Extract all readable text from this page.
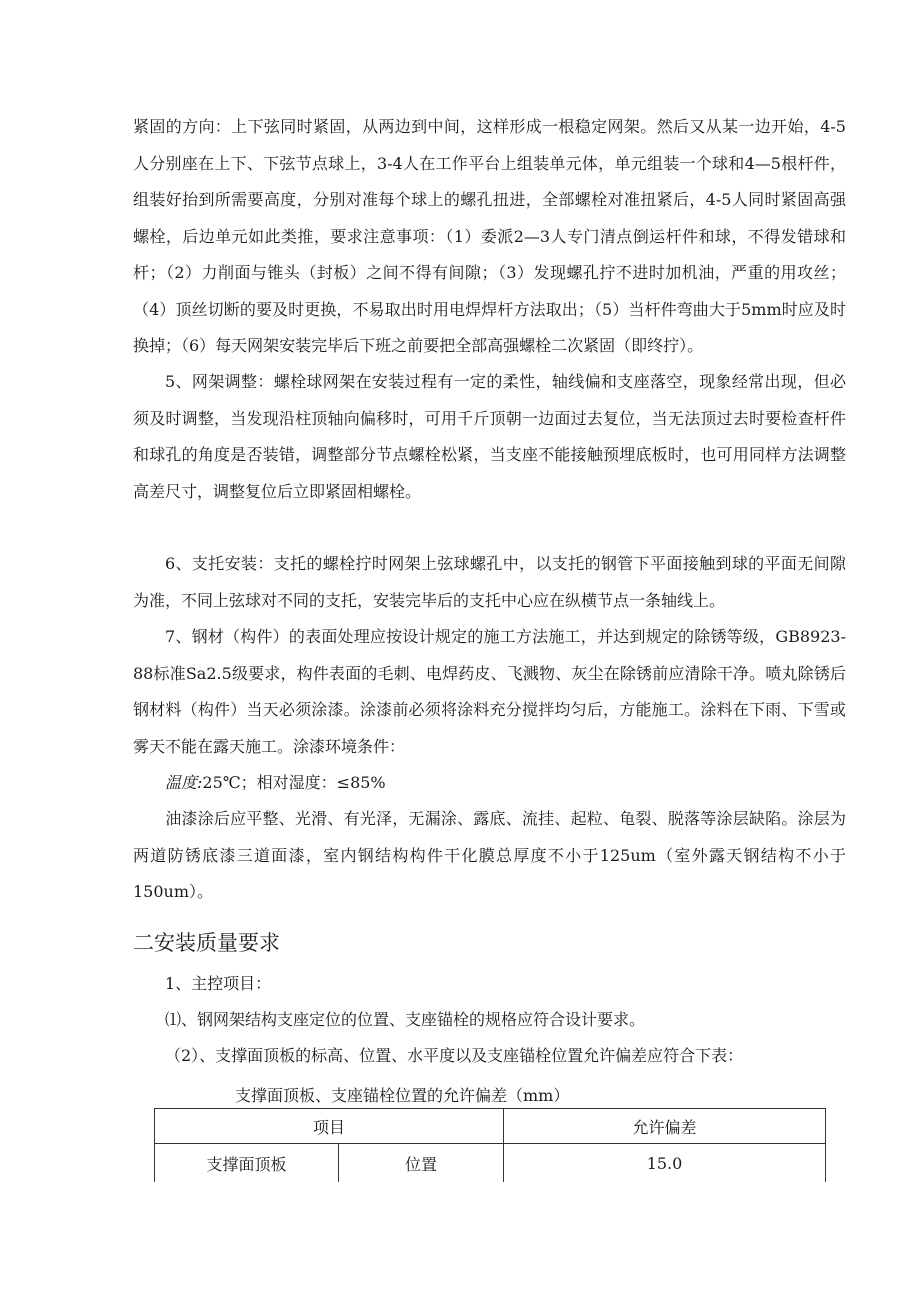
紧固的方向：上下弦同时紧固，从两边到中间，这样形成一根稳定网架。然后又从某一边开始，4-5人分别座在上下、下弦节点球上，3-4人在工作平台上组装单元体，单元组装一个球和4—5根杆件，组装好抬到所需要高度，分别对准每个球上的螺孔扭进，全部螺栓对准扭紧后，4-5人同时紧固高强螺栓，后边单元如此类推，要求注意事项：（1）委派2—3人专门清点倒运杆件和球，不得发错球和杆；（2）力削面与锥头（封板）之间不得有间隙；（3）发现螺孔拧不进时加机油，严重的用攻丝；（4）顶丝切断的要及时更换，不易取出时用电焊焊杆方法取出；（5）当杆件弯曲大于5mm时应及时换掉；（6）每天网架安装完毕后下班之前要把全部高强螺栓二次紧固（即终拧）。

5、网架调整：螺栓球网架在安装过程有一定的柔性，轴线偏和支座落空，现象经常出现，但必须及时调整，当发现沿柱顶轴向偏移时，可用千斤顶朝一边面过去复位，当无法顶过去时要检查杆件和球孔的角度是否装错，调整部分节点螺栓松紧，当支座不能接触预埋底板时，也可用同样方法调整高差尺寸，调整复位后立即紧固相螺栓。

6、支托安装：支托的螺栓拧时网架上弦球螺孔中，以支托的钢管下平面接触到球的平面无间隙为准，不同上弦球对不同的支托，安装完毕后的支托中心应在纵横节点一条轴线上。

7、钢材（构件）的表面处理应按设计规定的施工方法施工，并达到规定的除锈等级，GB8923-88标准Sa2.5级要求，构件表面的毛刺、电焊药皮、飞溅物、灰尘在除锈前应清除干净。喷丸除锈后钢材料（构件）当天必须涂漆。涂漆前必须将涂料充分搅拌均匀后，方能施工。涂料在下雨、下雪或雾天不能在露天施工。涂漆环境条件：

温度:25℃；相对湿度：≤85%

油漆涂后应平整、光滑、有光泽，无漏涂、露底、流挂、起粒、龟裂、脱落等涂层缺陷。涂层为两道防锈底漆三道面漆，室内钢结构构件干化膜总厚度不小于125um（室外露天钢结构不小于150um）。

二安装质量要求

1、主控项目：

⑴、钢网架结构支座定位的位置、支座锚栓的规格应符合设计要求。

（2）、支撑面顶板的标高、位置、水平度以及支座锚栓位置允许偏差应符合下表：

支撑面顶板、支座锚栓位置的允许偏差（mm）

项目		允许偏差
支撑面顶板	位置	15.0
